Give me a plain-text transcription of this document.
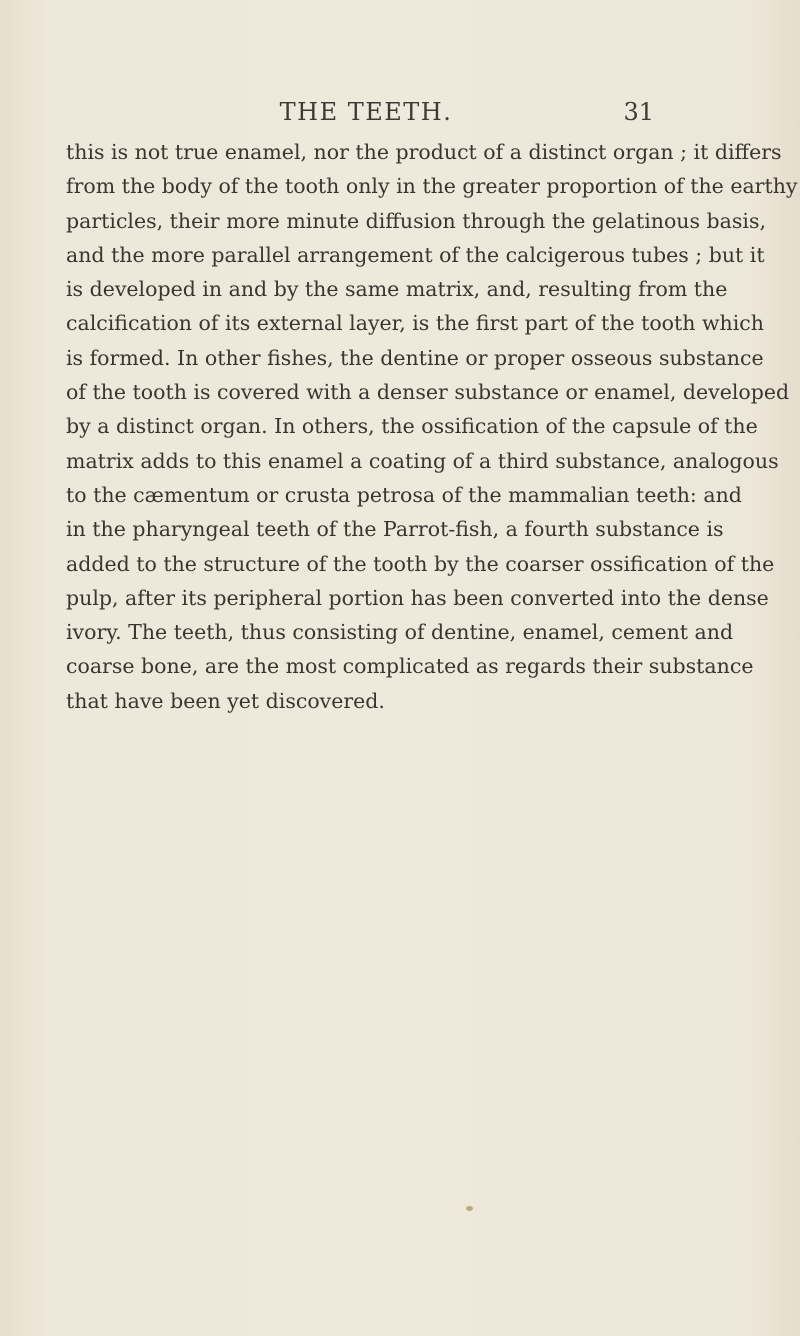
THE TEETH.	31
this is not true enamel, nor the product of a distinct organ ; it differs
from the body of the tooth only in the greater proportion of the earthy
particles, their more minute diffusion through the gelatinous basis,
and the more parallel arrangement of the calcigerous tubes ; but it
is developed in and by the same matrix, and, resulting from the
calcification of its external layer, is the first part of the tooth which
is formed. In other fishes, the dentine or proper osseous substance
of the tooth is covered with a denser substance or enamel, developed
by a distinct organ. In others, the ossification of the capsule of the
matrix adds to this enamel a coating of a third substance, analogous
to the cæmentum or crusta petrosa of the mammalian teeth: and
in the pharyngeal teeth of the Parrot-fish, a fourth substance is
added to the structure of the tooth by the coarser ossification of the
pulp, after its peripheral portion has been converted into the dense
ivory. The teeth, thus consisting of dentine, enamel, cement and
coarse bone, are the most complicated as regards their substance
that have been yet discovered.
